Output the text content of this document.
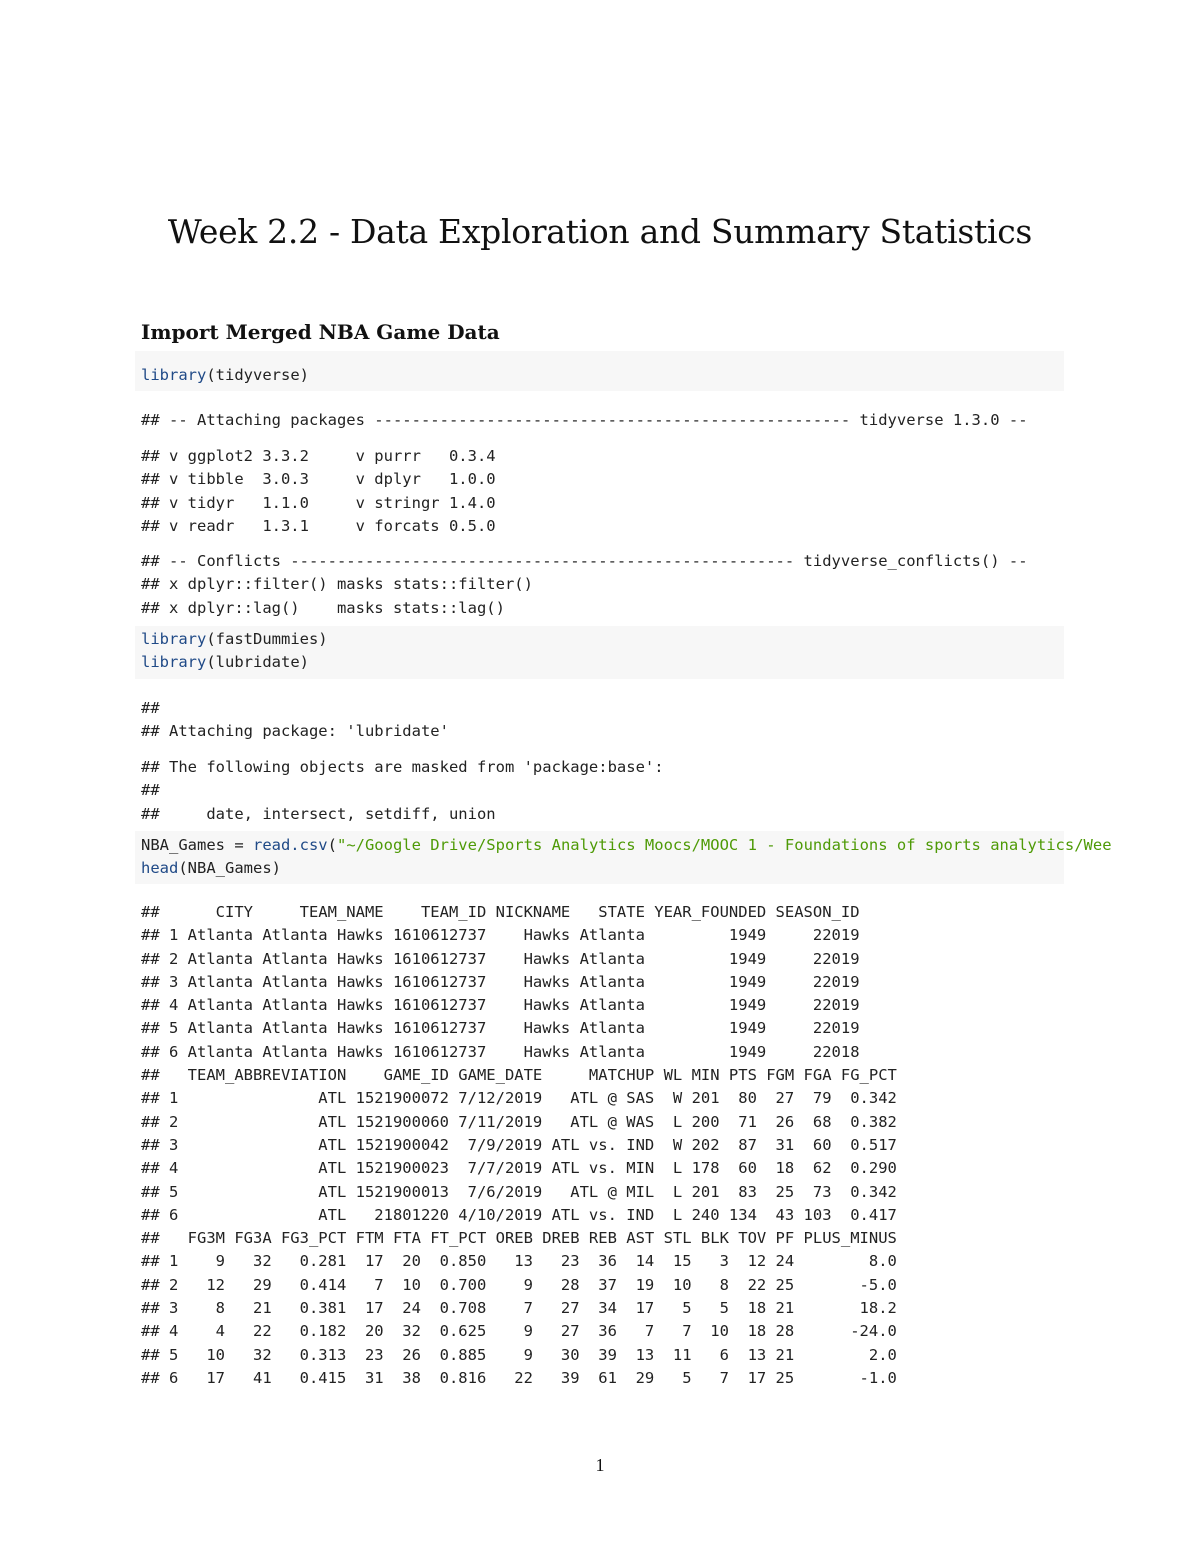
Week 2.2 - Data Exploration and Summary Statistics
Import Merged NBA Game Data
library(tidyverse)
## -- Attaching packages --------------------------------------------------- tidyverse 1.3.0 --
## v ggplot2 3.3.2     v purrr   0.3.4
## v tibble  3.0.3     v dplyr   1.0.0
## v tidyr   1.1.0     v stringr 1.4.0
## v readr   1.3.1     v forcats 0.5.0
## -- Conflicts ------------------------------------------------------ tidyverse_conflicts() --
## x dplyr::filter() masks stats::filter()
## x dplyr::lag()    masks stats::lag()
library(fastDummies)
library(lubridate)
##
## Attaching package: 'lubridate'
## The following objects are masked from 'package:base':
##
##     date, intersect, setdiff, union
NBA_Games = read.csv("~/Google Drive/Sports Analytics Moocs/MOOC 1 - Foundations of sports analytics/Wee
head(NBA_Games)
##      CITY     TEAM_NAME    TEAM_ID NICKNAME   STATE YEAR_FOUNDED SEASON_ID
## 1 Atlanta Atlanta Hawks 1610612737    Hawks Atlanta         1949     22019
## 2 Atlanta Atlanta Hawks 1610612737    Hawks Atlanta         1949     22019
## 3 Atlanta Atlanta Hawks 1610612737    Hawks Atlanta         1949     22019
## 4 Atlanta Atlanta Hawks 1610612737    Hawks Atlanta         1949     22019
## 5 Atlanta Atlanta Hawks 1610612737    Hawks Atlanta         1949     22019
## 6 Atlanta Atlanta Hawks 1610612737    Hawks Atlanta         1949     22018
##   TEAM_ABBREVIATION    GAME_ID GAME_DATE     MATCHUP WL MIN PTS FGM FGA FG_PCT
## 1               ATL 1521900072 7/12/2019   ATL @ SAS  W 201  80  27  79  0.342
## 2               ATL 1521900060 7/11/2019   ATL @ WAS  L 200  71  26  68  0.382
## 3               ATL 1521900042  7/9/2019 ATL vs. IND  W 202  87  31  60  0.517
## 4               ATL 1521900023  7/7/2019 ATL vs. MIN  L 178  60  18  62  0.290
## 5               ATL 1521900013  7/6/2019   ATL @ MIL  L 201  83  25  73  0.342
## 6               ATL   21801220 4/10/2019 ATL vs. IND  L 240 134  43 103  0.417
##   FG3M FG3A FG3_PCT FTM FTA FT_PCT OREB DREB REB AST STL BLK TOV PF PLUS_MINUS
## 1    9   32   0.281  17  20  0.850   13   23  36  14  15   3  12 24        8.0
## 2   12   29   0.414   7  10  0.700    9   28  37  19  10   8  22 25       -5.0
## 3    8   21   0.381  17  24  0.708    7   27  34  17   5   5  18 21       18.2
## 4    4   22   0.182  20  32  0.625    9   27  36   7   7  10  18 28      -24.0
## 5   10   32   0.313  23  26  0.885    9   30  39  13  11   6  13 21        2.0
## 6   17   41   0.415  31  38  0.816   22   39  61  29   5   7  17 25       -1.0
1
